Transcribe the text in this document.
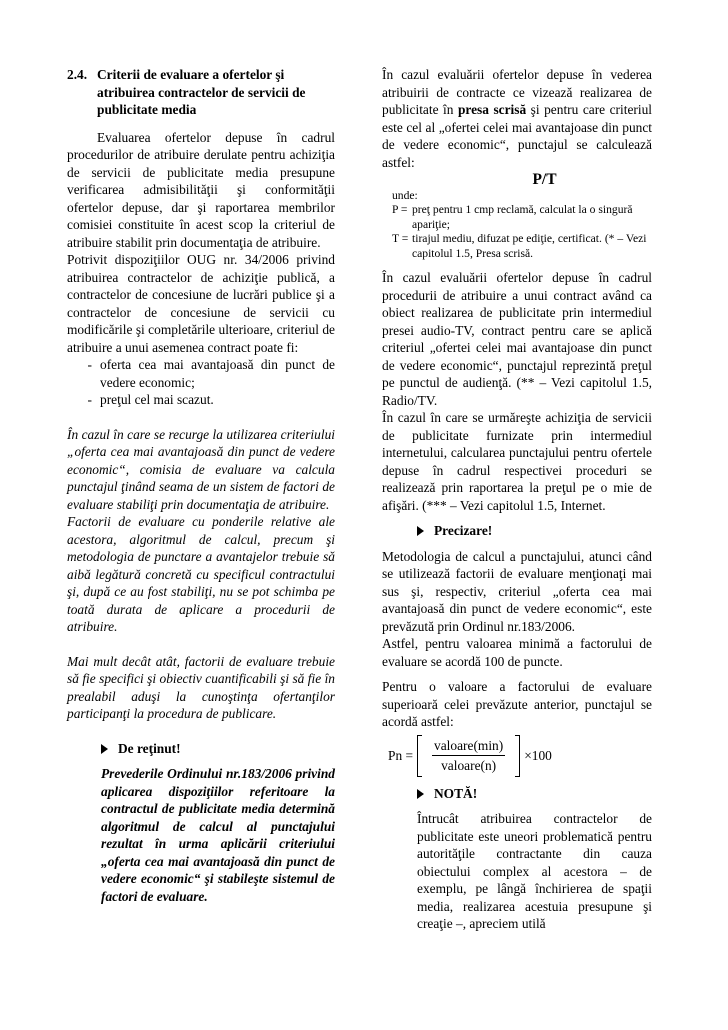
2.4. Criterii de evaluare a ofertelor şi atribuirea contractelor de servicii de publicitate media

Evaluarea ofertelor depuse în cadrul procedurilor de atribuire derulate pentru achiziţia de servicii de publicitate media presupune verificarea admisibilităţii şi conformităţii ofertelor depuse, dar şi raportarea membrilor comisiei constituite în acest scop la criteriul de atribuire stabilit prin documentaţia de atribuire.

Potrivit dispoziţiilor OUG nr. 34/2006 privind atribuirea contractelor de achiziţie publică, a contractelor de concesiune de lucrări publice şi a contractelor de concesiune de servicii cu modificările şi completările ulterioare, criteriul de atribuire a unui asemenea contract poate fi:

- oferta cea mai avantajoasă din punct de vedere economic;
- preţul cel mai scazut.

În cazul în care se recurge la utilizarea criteriului „oferta cea mai avantajoasă din punct de vedere economic“, comisia de evaluare va calcula punctajul ţinând seama de un sistem de factori de evaluare stabiliţi prin documentaţia de atribuire.

Factorii de evaluare cu ponderile relative ale acestora, algoritmul de calcul, precum şi metodologia de punctare a avantajelor trebuie să aibă legătură concretă cu specificul contractului şi, după ce au fost stabiliţi, nu se pot schimba pe toată durata de aplicare a procedurii de atribuire.

Mai mult decât atât, factorii de evaluare trebuie să fie specifici şi obiectiv cuantificabili şi să fie în prealabil aduşi la cunoştinţa ofertanţilor participanţi la procedura de publicare.

De reţinut!

Prevederile Ordinului nr.183/2006 privind aplicarea dispoziţiilor referitoare la contractul de publicitate media determină algoritmul de calcul al punctajului rezultat în urma aplicării criteriului „oferta cea mai avantajoasă din punct de vedere economic“ şi stabileşte sistemul de factori de evaluare.

În cazul evaluării ofertelor depuse în vederea atribuirii de contracte ce vizează realizarea de publicitate în presa scrisă şi pentru care criteriul este cel al „ofertei celei mai avantajoase din punct de vedere economic“, punctajul se calculează astfel:

P/T
unde:
P = preţ pentru 1 cmp reclamă, calculat la o singură apariţie;
T = tirajul mediu, difuzat pe ediţie, certificat. (* – Vezi capitolul 1.5, Presa scrisă.

În cazul evaluării ofertelor depuse în cadrul procedurii de atribuire a unui contract având ca obiect realizarea de publicitate prin intermediul presei audio-TV, contract pentru care se aplică criteriul „ofertei celei mai avantajoase din punct de vedere economic“, punctajul reprezintă preţul pe punctul de audienţă. (** – Vezi capitolul 1.5, Radio/TV.

În cazul în care se urmăreşte achiziţia de servicii de publicitate furnizate prin intermediul internetului, calcularea punctajului pentru ofertele depuse în cadrul respectivei proceduri se realizează prin raportarea la preţul pe o mie de afişări. (*** – Vezi capitolul 1.5, Internet.

Precizare!

Metodologia de calcul a punctajului, atunci când se utilizează factorii de evaluare menţionaţi mai sus şi, respectiv, criteriul „oferta cea mai avantajoasă din punct de vedere economic“, este prevăzută prin Ordinul nr.183/2006.

Astfel, pentru valoarea minimă a factorului de evaluare se acordă 100 de puncte.

Pentru o valoare a factorului de evaluare superioară celei prevăzute anterior, punctajul se acordă astfel:

$Pn = \frac{\text{valoare(min)}}{\text{valoare(n)}} \times 100$
NOTĂ!

Întrucât atribuirea contractelor de publicitate este uneori problematică pentru autorităţile contractante din cauza obiectului complex al acestora – de exemplu, pe lângă închirierea de spaţii media, realizarea acestuia presupune şi creaţie –, apreciem utilă
